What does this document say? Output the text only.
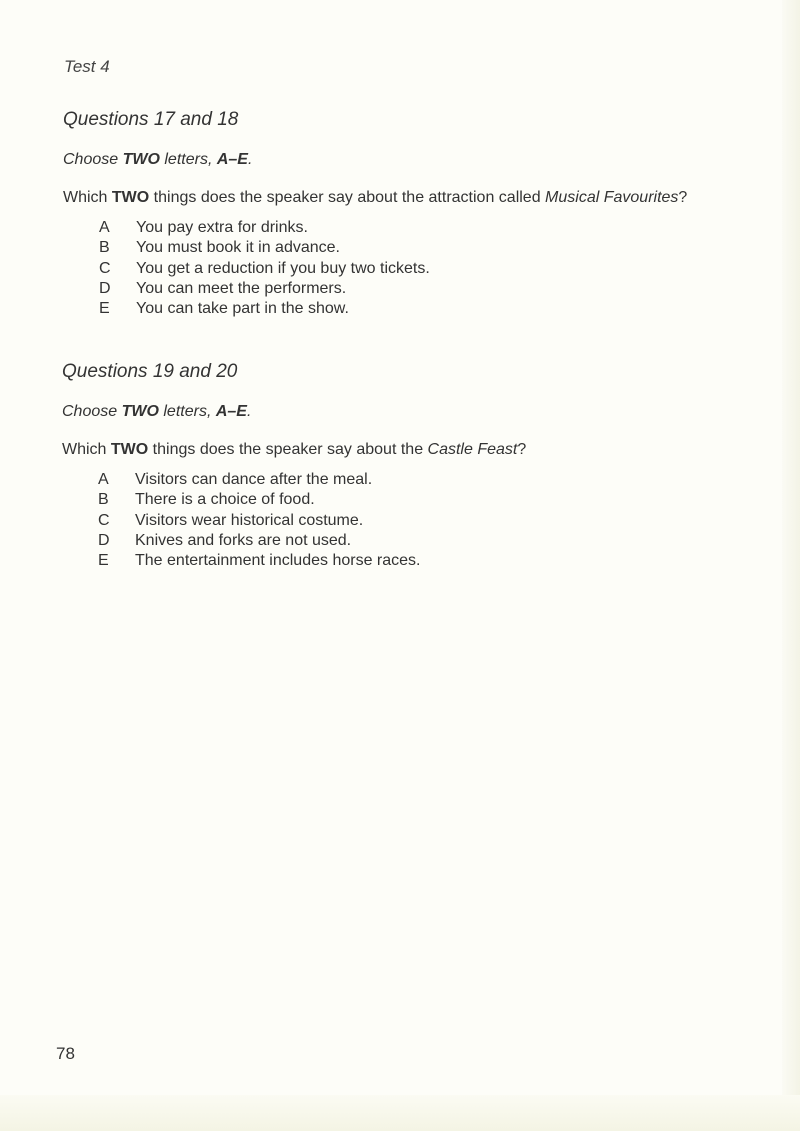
Test 4

Questions 17 and 18

Choose TWO letters, A–E.
Which TWO things does the speaker say about the attraction called Musical Favourites?
A	You pay extra for drinks.
B	You must book it in advance.
C	You get a reduction if you buy two tickets.
D	You can meet the performers.
E	You can take part in the show.

Questions 19 and 20

Choose TWO letters, A–E.
Which TWO things does the speaker say about the Castle Feast?
A	Visitors can dance after the meal.
B	There is a choice of food.
C	Visitors wear historical costume.
D	Knives and forks are not used.
E	The entertainment includes horse races.
78
